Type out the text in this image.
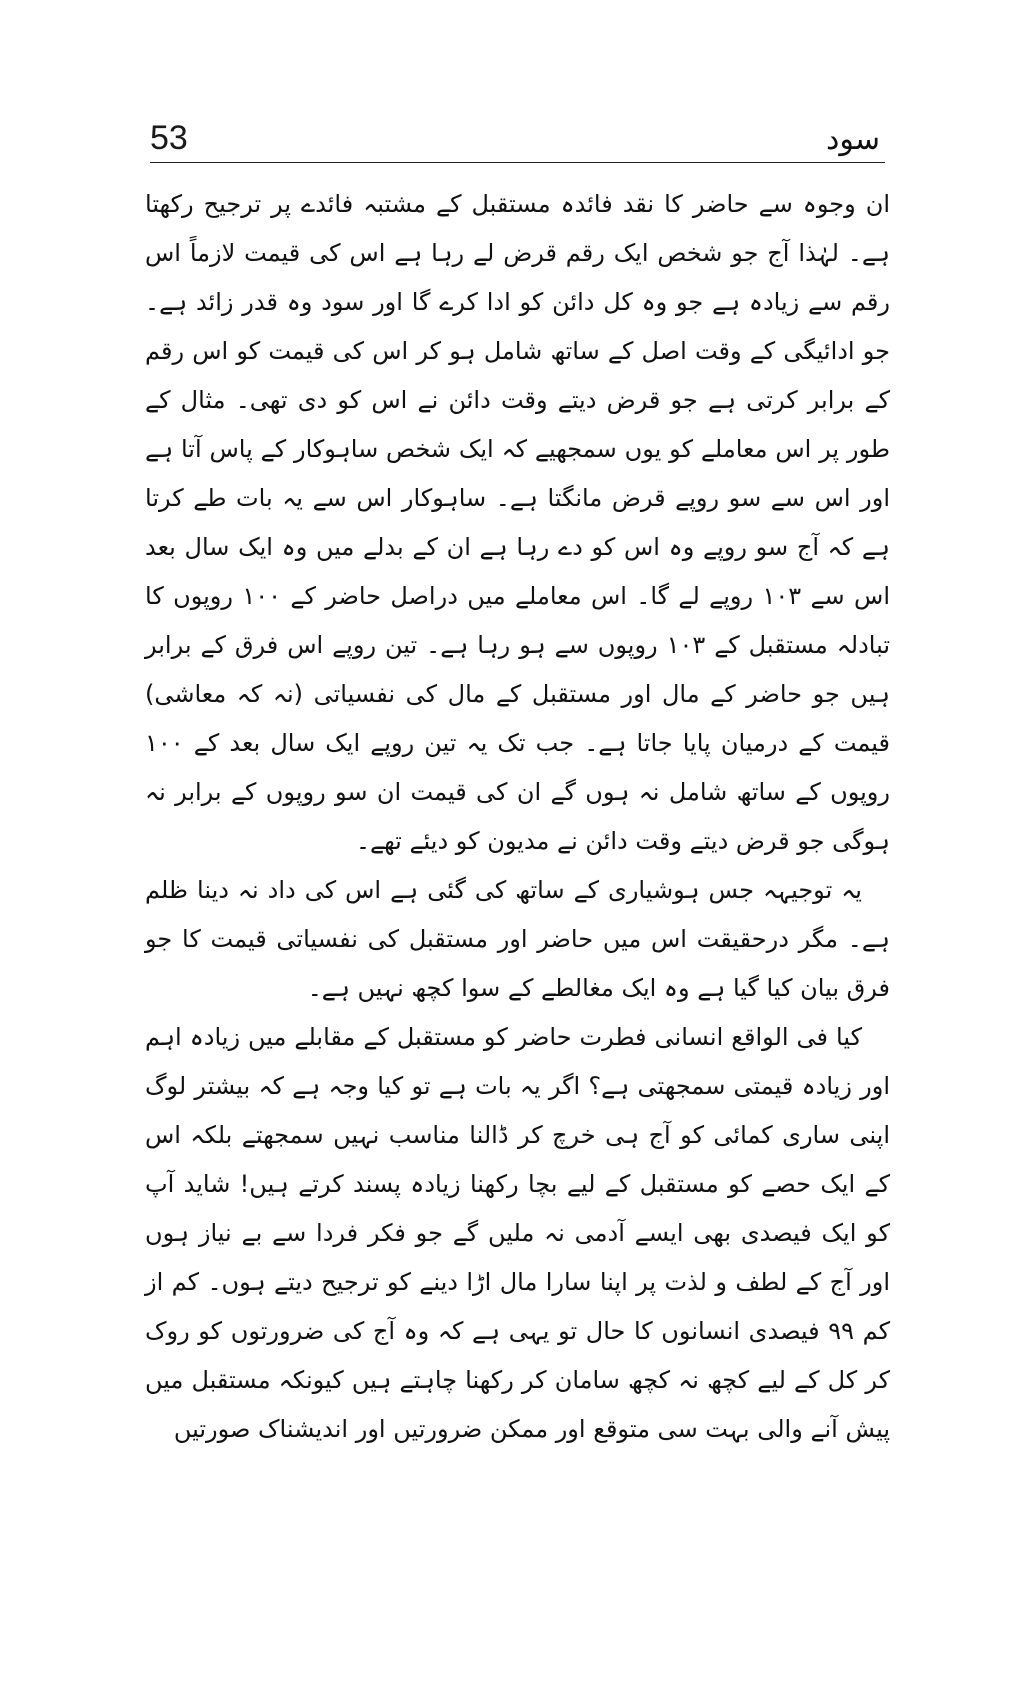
53	سود

ان وجوہ سے حاضر کا نقد فائدہ مستقبل کے مشتبہ فائدے پر ترجیح رکھتا ہے۔ لہٰذا آج جو شخص ایک رقم قرض لے رہا ہے اس کی قیمت لازماً اس رقم سے زیادہ ہے جو وہ کل دائن کو ادا کرے گا اور سود وہ قدر زائد ہے۔ جو ادائیگی کے وقت اصل کے ساتھ شامل ہو کر اس کی قیمت کو اس رقم کے برابر کرتی ہے جو قرض دیتے وقت دائن نے اس کو دی تھی۔ مثال کے طور پر اس معاملے کو یوں سمجھیے کہ ایک شخص ساہوکار کے پاس آتا ہے اور اس سے سو روپے قرض مانگتا ہے۔ ساہوکار اس سے یہ بات طے کرتا ہے کہ آج سو روپے وہ اس کو دے رہا ہے ان کے بدلے میں وہ ایک سال بعد اس سے ۱۰۳ روپے لے گا۔ اس معاملے میں دراصل حاضر کے ۱۰۰ روپوں کا تبادلہ مستقبل کے ۱۰۳ روپوں سے ہو رہا ہے۔ تین روپے اس فرق کے برابر ہیں جو حاضر کے مال اور مستقبل کے مال کی نفسیاتی (نہ کہ معاشی) قیمت کے درمیان پایا جاتا ہے۔ جب تک یہ تین روپے ایک سال بعد کے ۱۰۰ روپوں کے ساتھ شامل نہ ہوں گے ان کی قیمت ان سو روپوں کے برابر نہ ہوگی جو قرض دیتے وقت دائن نے مدیون کو دیئے تھے۔

یہ توجیہہ جس ہوشیاری کے ساتھ کی گئی ہے اس کی داد نہ دینا ظلم ہے۔ مگر درحقیقت اس میں حاضر اور مستقبل کی نفسیاتی قیمت کا جو فرق بیان کیا گیا ہے وہ ایک مغالطے کے سوا کچھ نہیں ہے۔

کیا فی الواقع انسانی فطرت حاضر کو مستقبل کے مقابلے میں زیادہ اہم اور زیادہ قیمتی سمجھتی ہے؟ اگر یہ بات ہے تو کیا وجہ ہے کہ بیشتر لوگ اپنی ساری کمائی کو آج ہی خرچ کر ڈالنا مناسب نہیں سمجھتے بلکہ اس کے ایک حصے کو مستقبل کے لیے بچا رکھنا زیادہ پسند کرتے ہیں! شاید آپ کو ایک فیصدی بھی ایسے آدمی نہ ملیں گے جو فکر فردا سے بے نیاز ہوں اور آج کے لطف و لذت پر اپنا سارا مال اڑا دینے کو ترجیح دیتے ہوں۔ کم از کم ۹۹ فیصدی انسانوں کا حال تو یہی ہے کہ وہ آج کی ضرورتوں کو روک کر کل کے لیے کچھ نہ کچھ سامان کر رکھنا چاہتے ہیں کیونکہ مستقبل میں پیش آنے والی بہت سی متوقع اور ممکن ضرورتیں اور اندیشناک صورتیں
